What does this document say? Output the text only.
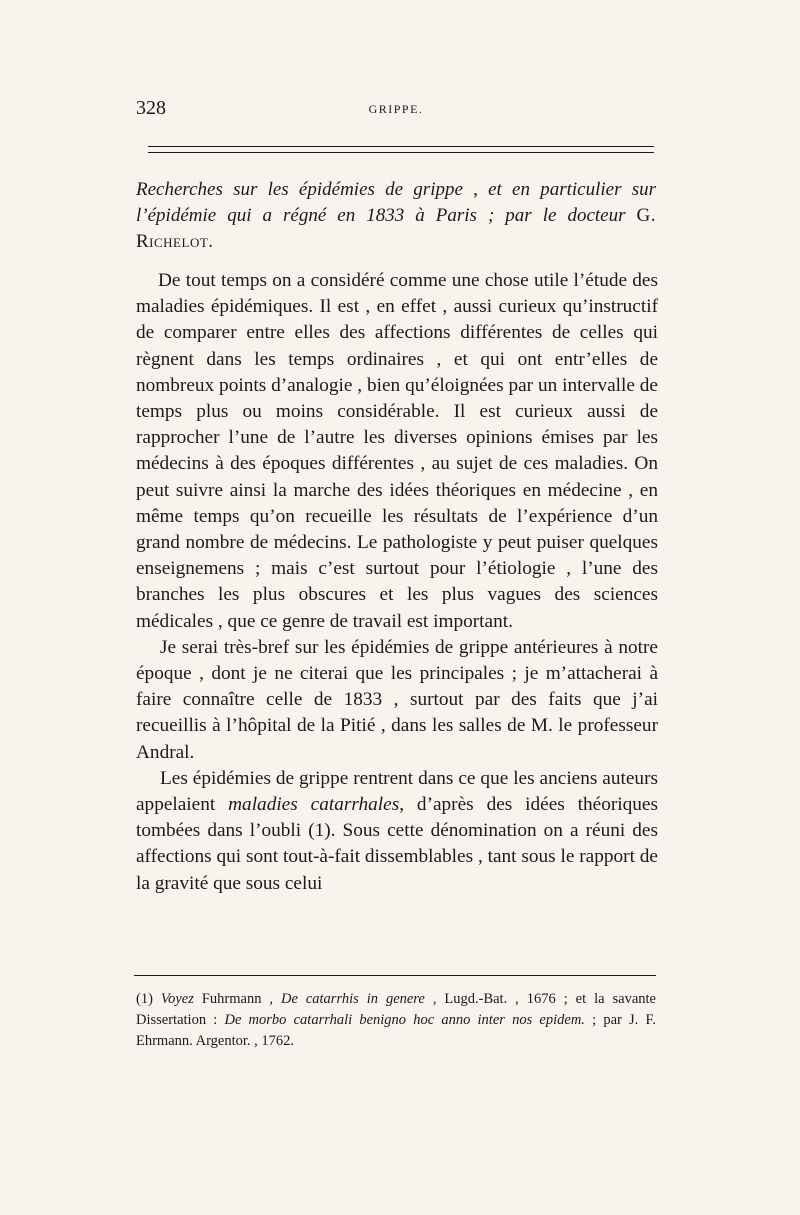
328	GRIPPE.
Recherches sur les épidémies de grippe , et en particulier sur l’épidémie qui a régné en 1833 à Paris ; par le docteur G. Richelot.

De tout temps on a considéré comme une chose utile l’étude des maladies épidémiques. Il est , en effet , aussi curieux qu’instructif de comparer entre elles des affections différentes de celles qui règnent dans les temps ordinaires , et qui ont entr’elles de nombreux points d’analogie , bien qu’éloignées par un intervalle de temps plus ou moins considérable. Il est curieux aussi de rapprocher l’une de l’autre les diverses opinions émises par les médecins à des époques différentes , au sujet de ces maladies. On peut suivre ainsi la marche des idées théoriques en médecine , en même temps qu’on recueille les résultats de l’expérience d’un grand nombre de médecins. Le pathologiste y peut puiser quelques enseignemens ; mais c’est surtout pour l’étiologie , l’une des branches les plus obscures et les plus vagues des sciences médicales , que ce genre de travail est important.

Je serai très-bref sur les épidémies de grippe antérieures à notre époque , dont je ne citerai que les principales ; je m’attacherai à faire connaître celle de 1833 , surtout par des faits que j’ai recueillis à l’hôpital de la Pitié , dans les salles de M. le professeur Andral.

Les épidémies de grippe rentrent dans ce que les anciens auteurs appelaient maladies catarrhales, d’après des idées théoriques tombées dans l’oubli (1). Sous cette dénomination on a réuni des affections qui sont tout-à-fait dissemblables , tant sous le rapport de la gravité que sous celui

(1) Voyez Fuhrmann , De catarrhis in genere , Lugd.-Bat. , 1676 ; et la savante Dissertation : De morbo catarrhali benigno hoc anno inter nos epidem. ; par J. F. Ehrmann. Argentor. , 1762.
